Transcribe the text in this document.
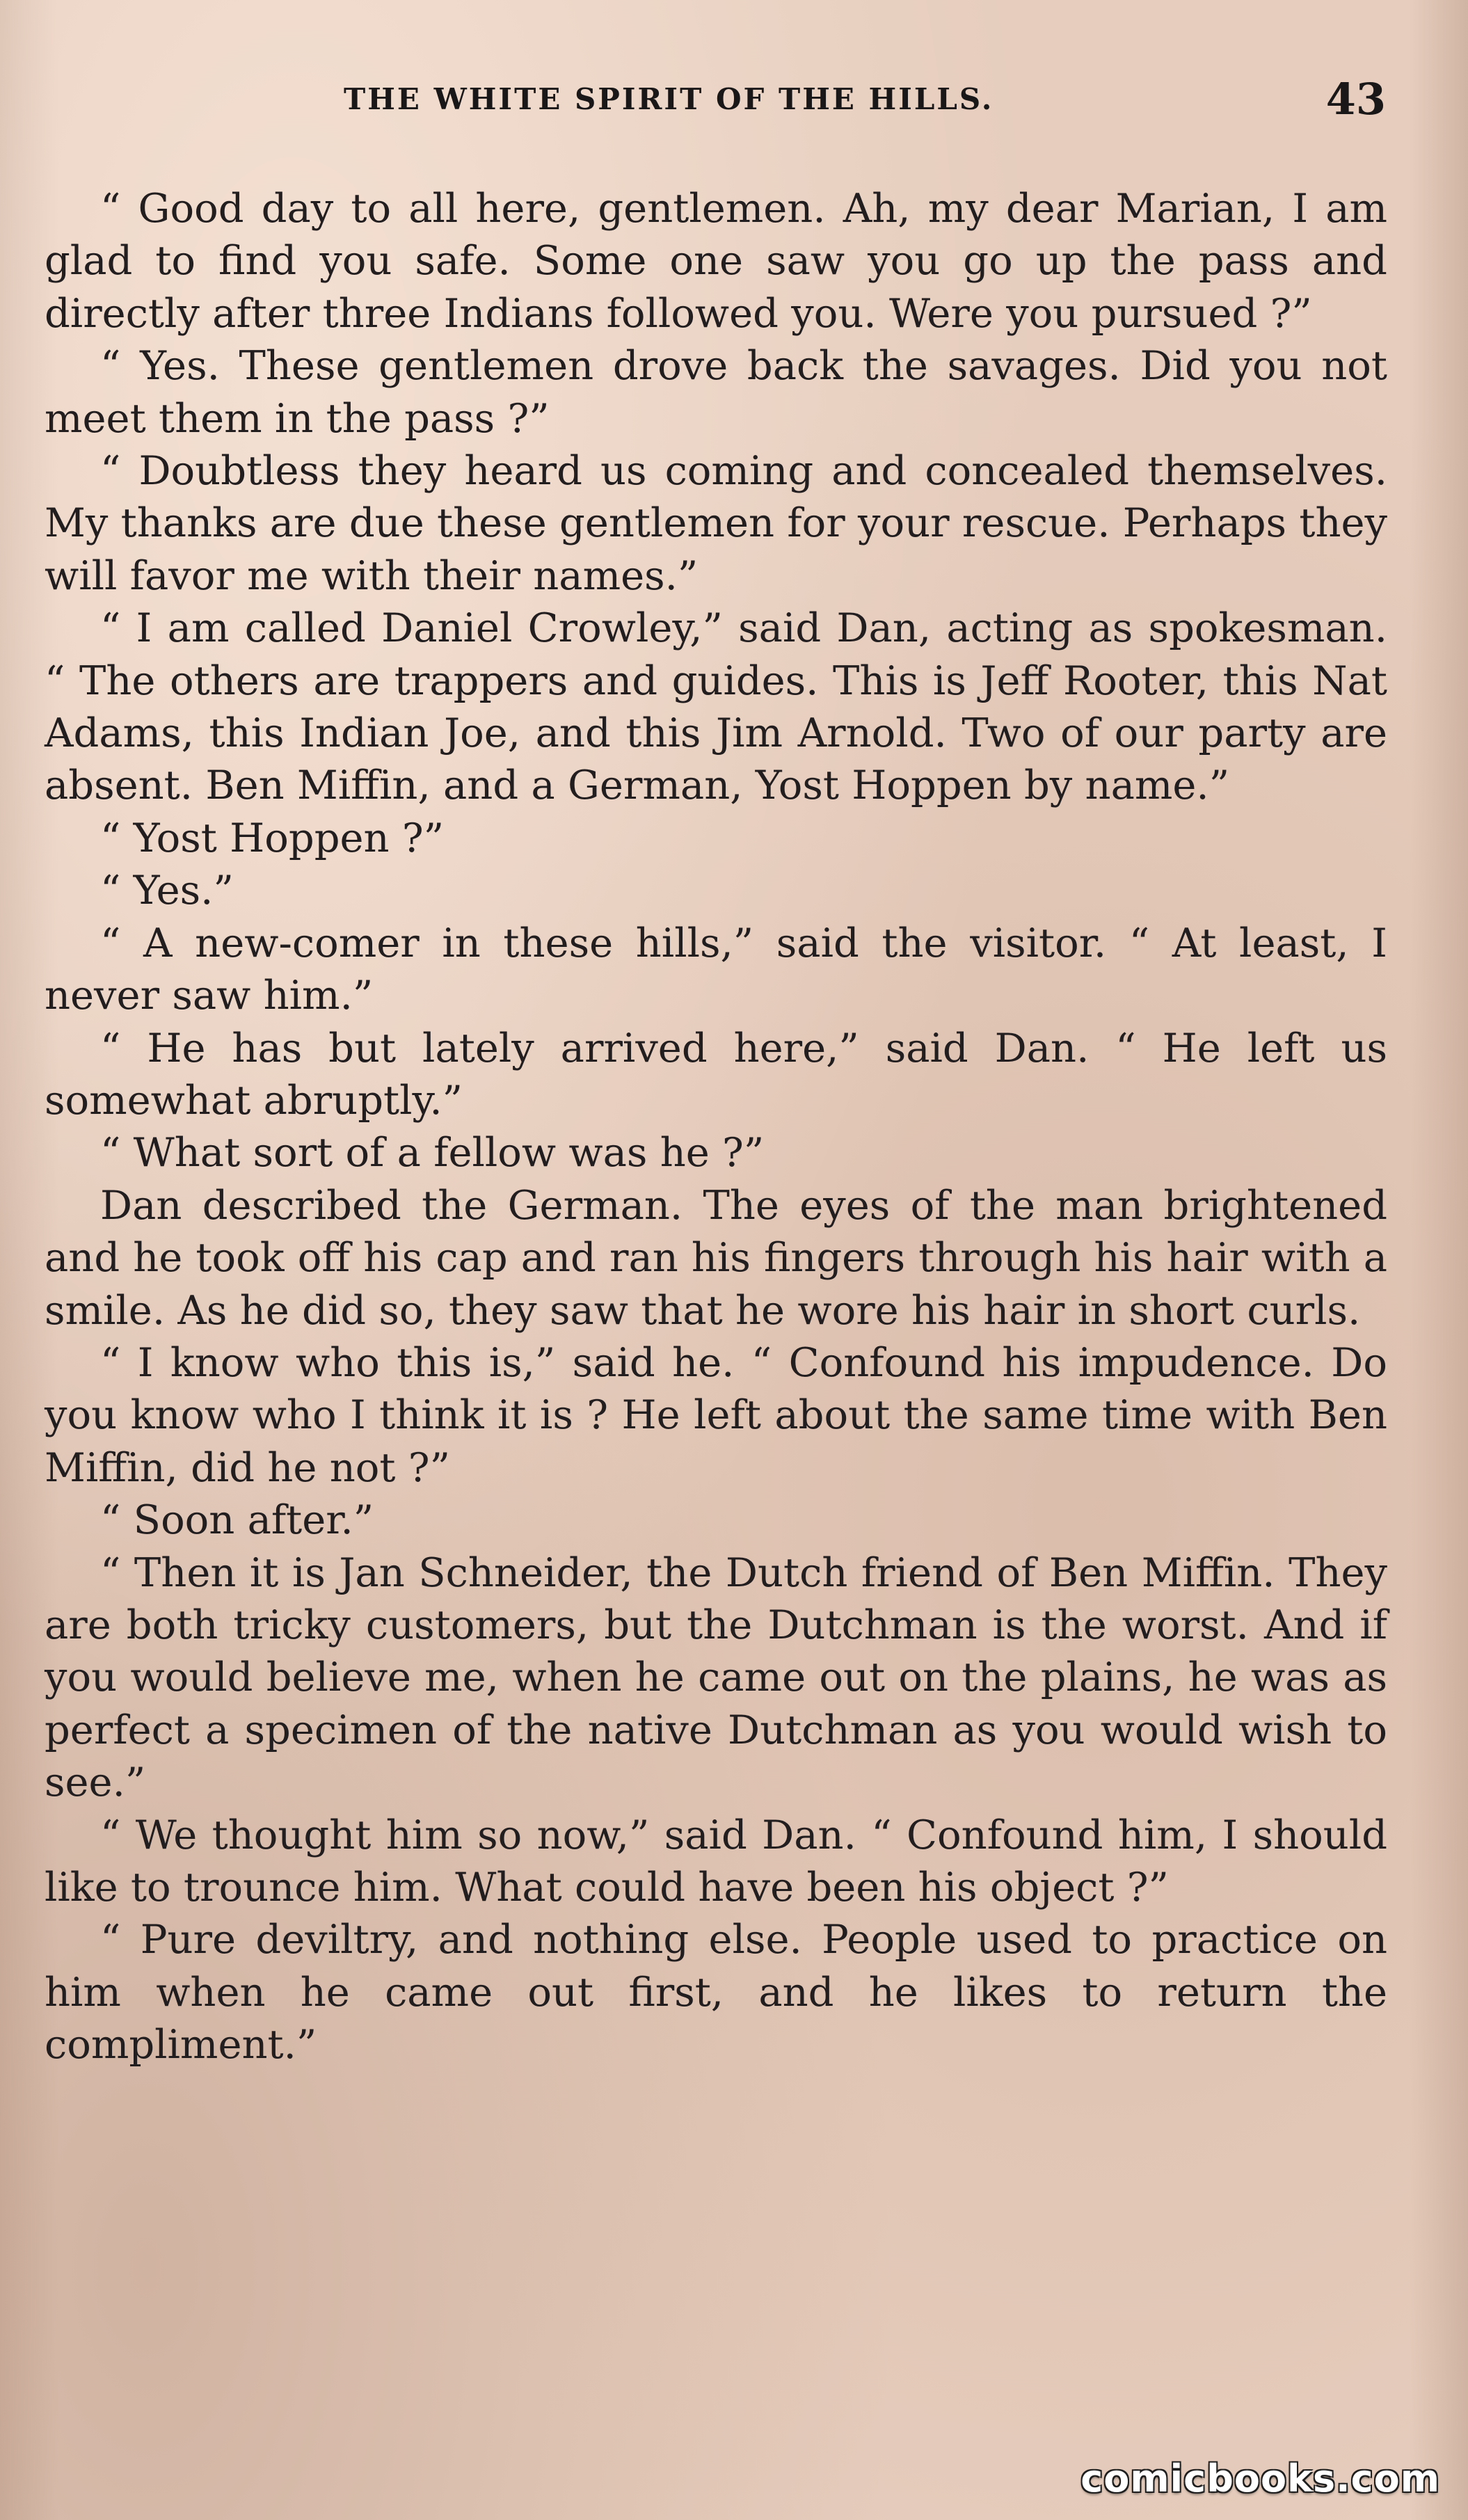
THE WHITE SPIRIT OF THE HILLS.	43

“ Good day to all here, gentlemen. Ah, my dear Marian, I am glad to find you safe. Some one saw you go up the pass and directly after three Indians followed you. Were you pursued ?”

“ Yes. These gentlemen drove back the savages. Did you not meet them in the pass ?”

“ Doubtless they heard us coming and concealed themselves. My thanks are due these gentlemen for your rescue. Perhaps they will favor me with their names.”

“ I am called Daniel Crowley,” said Dan, acting as spokesman. “ The others are trappers and guides. This is Jeff Rooter, this Nat Adams, this Indian Joe, and this Jim Arnold. Two of our party are absent. Ben Miffin, and a German, Yost Hoppen by name.”

“ Yost Hoppen ?”

“ Yes.”

“ A new-comer in these hills,” said the visitor. “ At least, I never saw him.”

“ He has but lately arrived here,” said Dan. “ He left us somewhat abruptly.”

“ What sort of a fellow was he ?”

Dan described the German. The eyes of the man brightened and he took off his cap and ran his fingers through his hair with a smile. As he did so, they saw that he wore his hair in short curls.

“ I know who this is,” said he. “ Confound his impudence. Do you know who I think it is ? He left about the same time with Ben Miffin, did he not ?”

“ Soon after.”

“ Then it is Jan Schneider, the Dutch friend of Ben Miffin. They are both tricky customers, but the Dutchman is the worst. And if you would believe me, when he came out on the plains, he was as perfect a specimen of the native Dutchman as you would wish to see.”

“ We thought him so now,” said Dan. “ Confound him, I should like to trounce him. What could have been his object ?”

“ Pure deviltry, and nothing else. People used to practice on him when he came out first, and he likes to return the compliment.”

comicbooks.com
